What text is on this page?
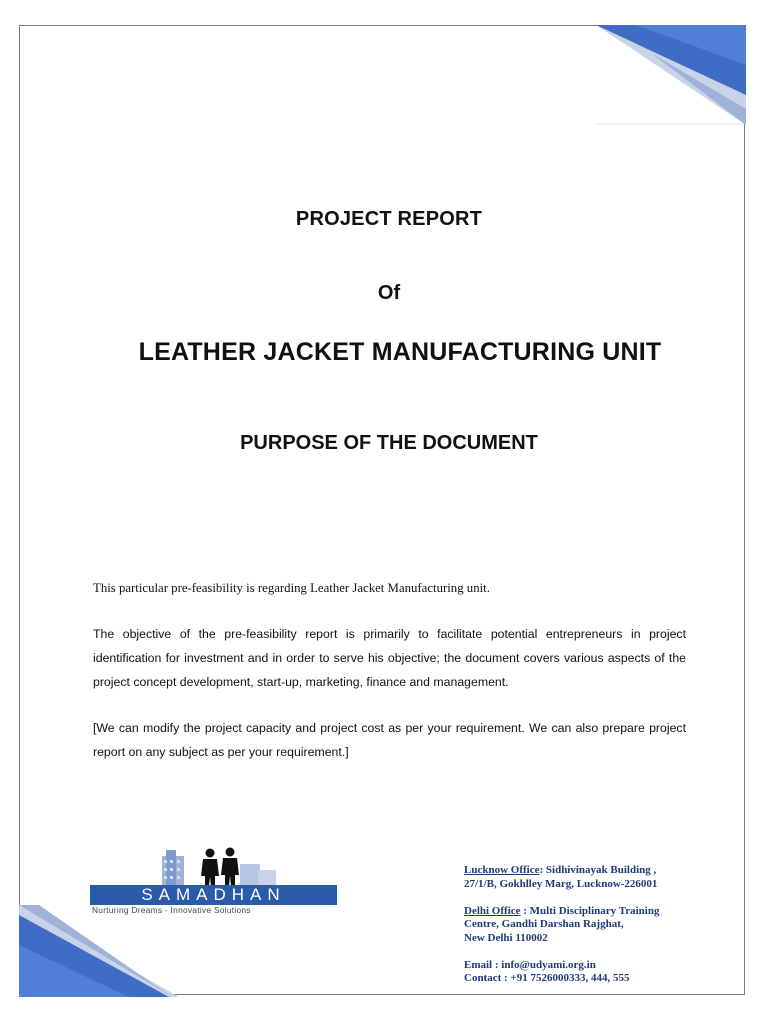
PROJECT REPORT
Of
LEATHER JACKET MANUFACTURING UNIT
PURPOSE OF THE DOCUMENT
This particular pre-feasibility is regarding Leather Jacket Manufacturing unit.
The objective of the pre-feasibility report is primarily to facilitate potential entrepreneurs in project identification for investment and in order to serve his objective; the document covers various aspects of the project concept development, start-up, marketing, finance and management.
[We can modify the project capacity and project cost as per your requirement. We can also prepare project report on any subject as per your requirement.]
SAMADHAN
Nurturing Dreams - Innovative Solutions
Lucknow Office: Sidhivinayak Building ,
27/1/B, Gokhlley Marg, Lucknow-226001
Delhi Office : Multi Disciplinary Training
Centre, Gandhi Darshan Rajghat,
New Delhi 110002
Email : info@udyami.org.in
Contact : +91 7526000333, 444, 555
